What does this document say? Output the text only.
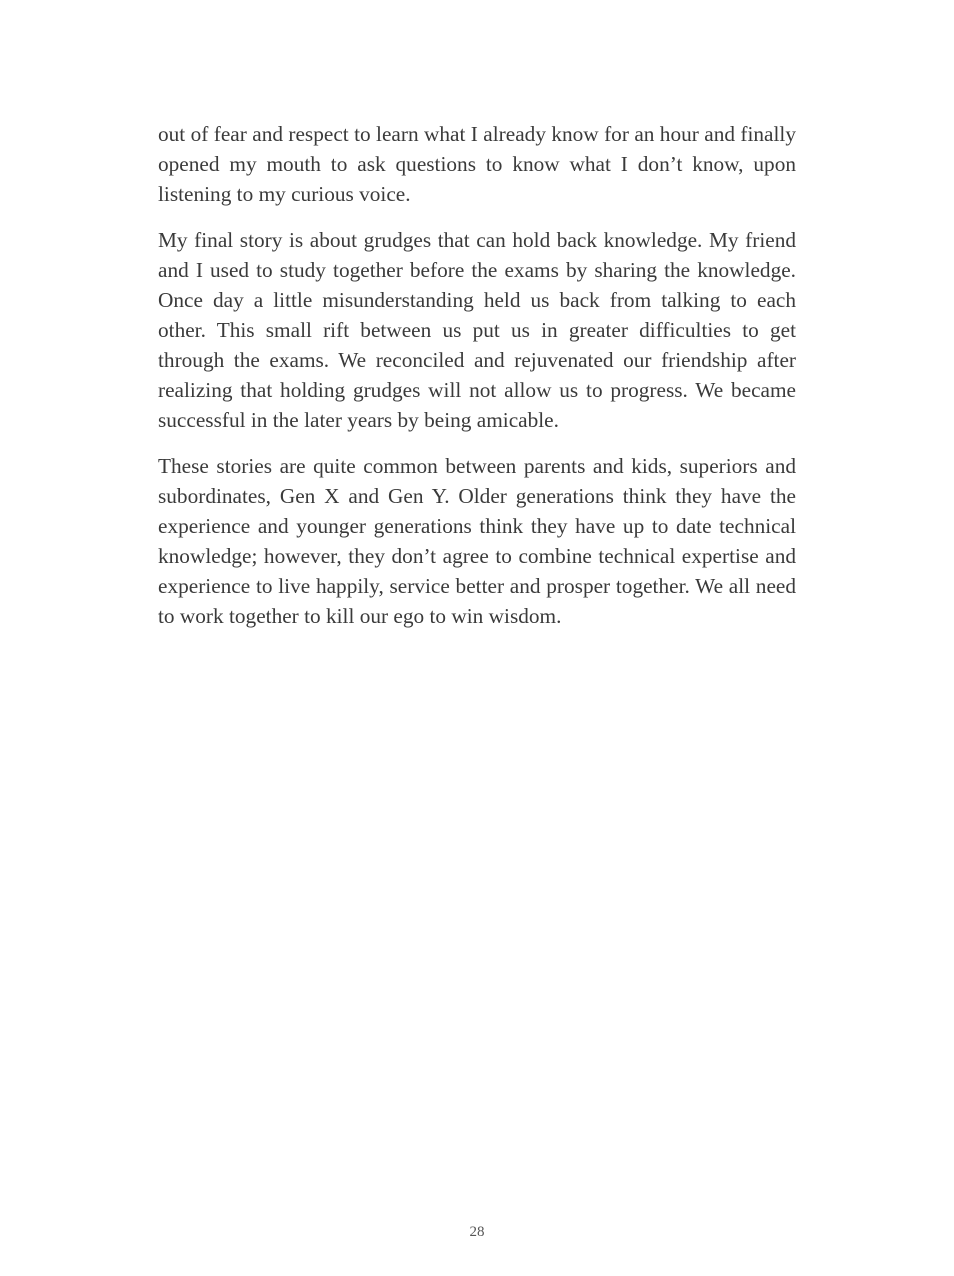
out of fear and respect to learn what I already know for an hour and finally opened my mouth to ask questions to know what I don’t know, upon listening to my curious voice.

My final story is about grudges that can hold back knowledge. My friend and I used to study together before the exams by sharing the knowledge. Once day a little misunderstanding held us back from talking to each other. This small rift between us put us in greater difficulties to get through the exams. We reconciled and rejuvenated our friendship after realizing that holding grudges will not allow us to progress. We became successful in the later years by being amicable.

These stories are quite common between parents and kids, superiors and subordinates, Gen X and Gen Y. Older generations think they have the experience and younger generations think they have up to date technical knowledge; however, they don’t agree to combine technical expertise and experience to live happily, service better and prosper together. We all need to work together to kill our ego to win wisdom.

28
